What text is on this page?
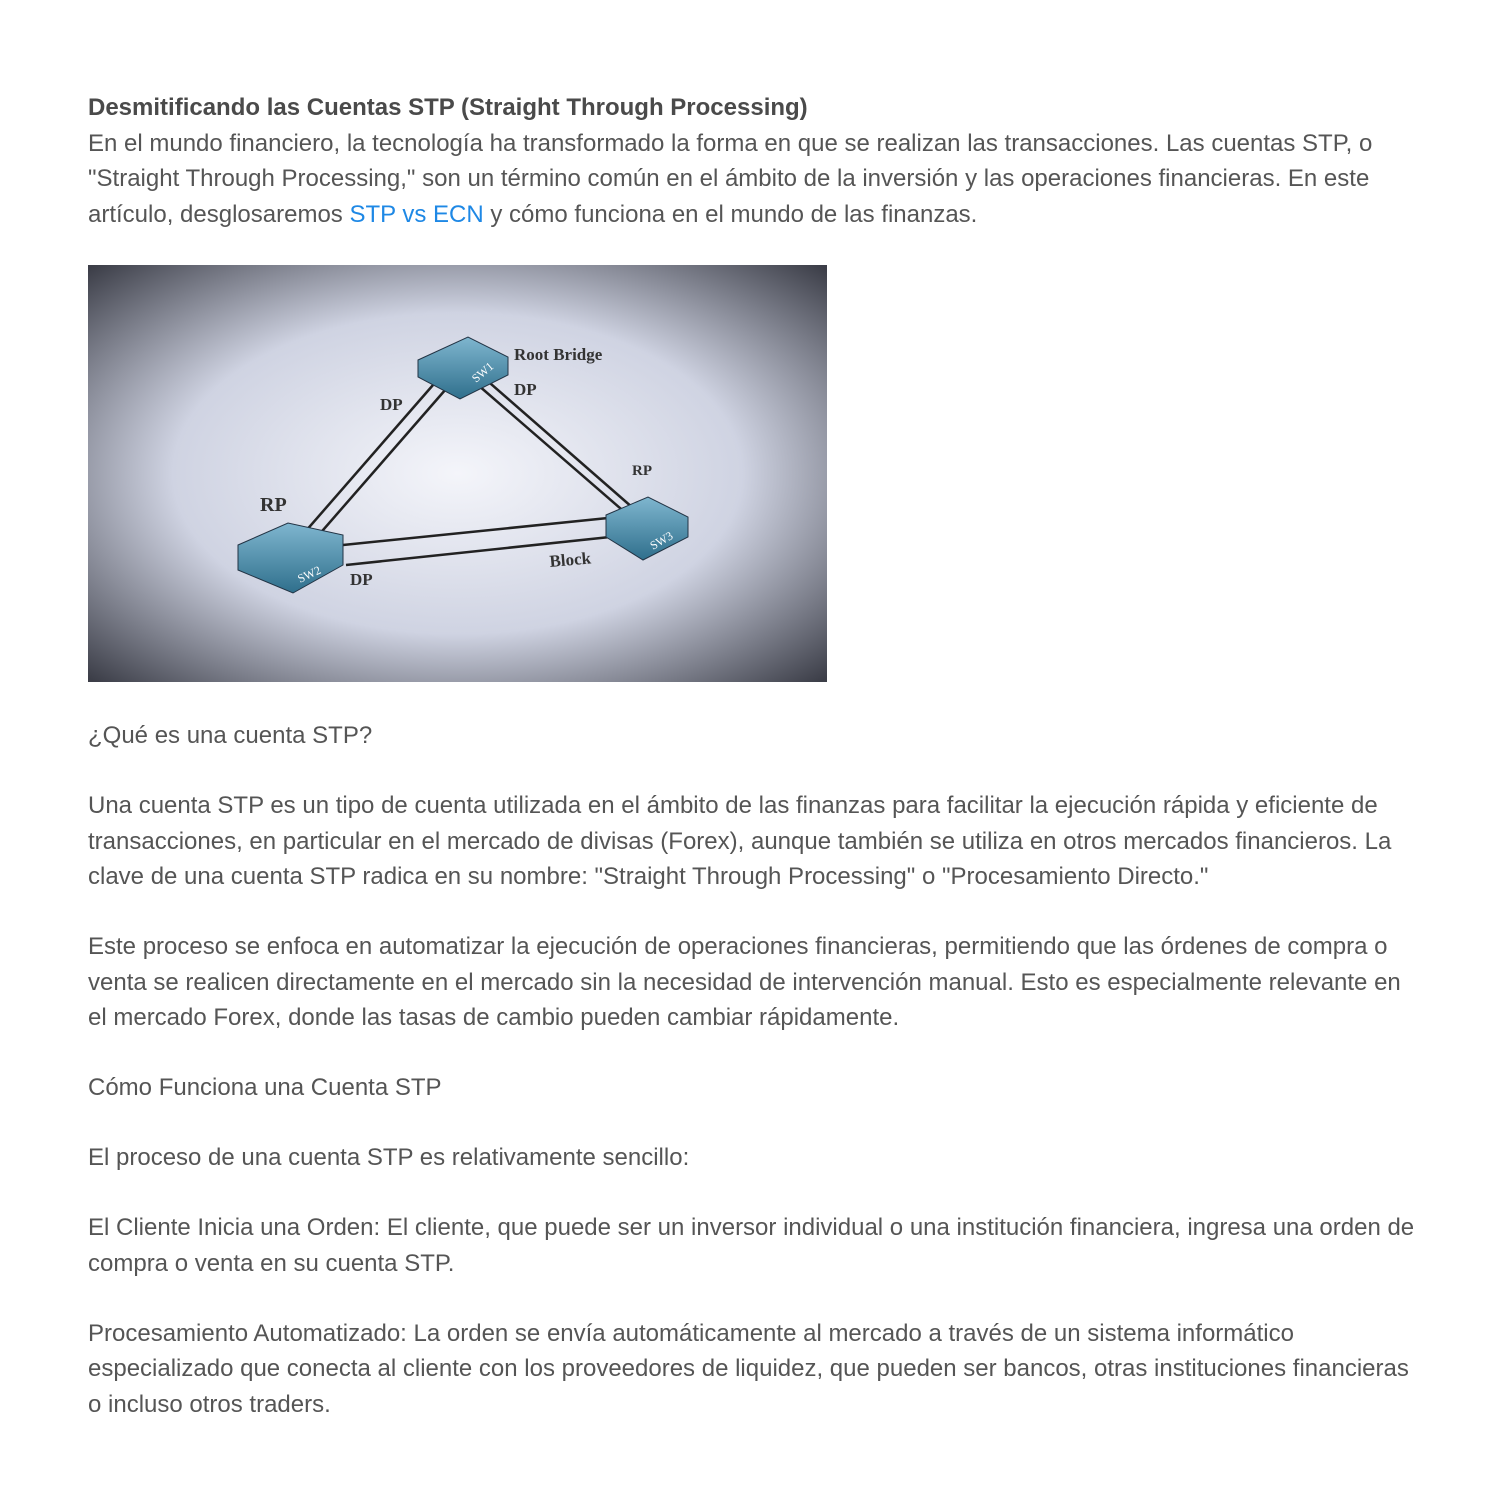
Desmitificando las Cuentas STP (Straight Through Processing)

En el mundo financiero, la tecnología ha transformado la forma en que se realizan las transacciones. Las cuentas STP, o "Straight Through Processing," son un término común en el ámbito de la inversión y las operaciones financieras. En este artículo, desglosaremos STP vs ECN y cómo funciona en el mundo de las finanzas.

SW1
SW2
SW3
Root Bridge
DP
DP
RP
RP
DP
Block

¿Qué es una cuenta STP?

Una cuenta STP es un tipo de cuenta utilizada en el ámbito de las finanzas para facilitar la ejecución rápida y eficiente de transacciones, en particular en el mercado de divisas (Forex), aunque también se utiliza en otros mercados financieros. La clave de una cuenta STP radica en su nombre: "Straight Through Processing" o "Procesamiento Directo."

Este proceso se enfoca en automatizar la ejecución de operaciones financieras, permitiendo que las órdenes de compra o venta se realicen directamente en el mercado sin la necesidad de intervención manual. Esto es especialmente relevante en el mercado Forex, donde las tasas de cambio pueden cambiar rápidamente.

Cómo Funciona una Cuenta STP

El proceso de una cuenta STP es relativamente sencillo:

El Cliente Inicia una Orden: El cliente, que puede ser un inversor individual o una institución financiera, ingresa una orden de compra o venta en su cuenta STP.

Procesamiento Automatizado: La orden se envía automáticamente al mercado a través de un sistema informático especializado que conecta al cliente con los proveedores de liquidez, que pueden ser bancos, otras instituciones financieras o incluso otros traders.
